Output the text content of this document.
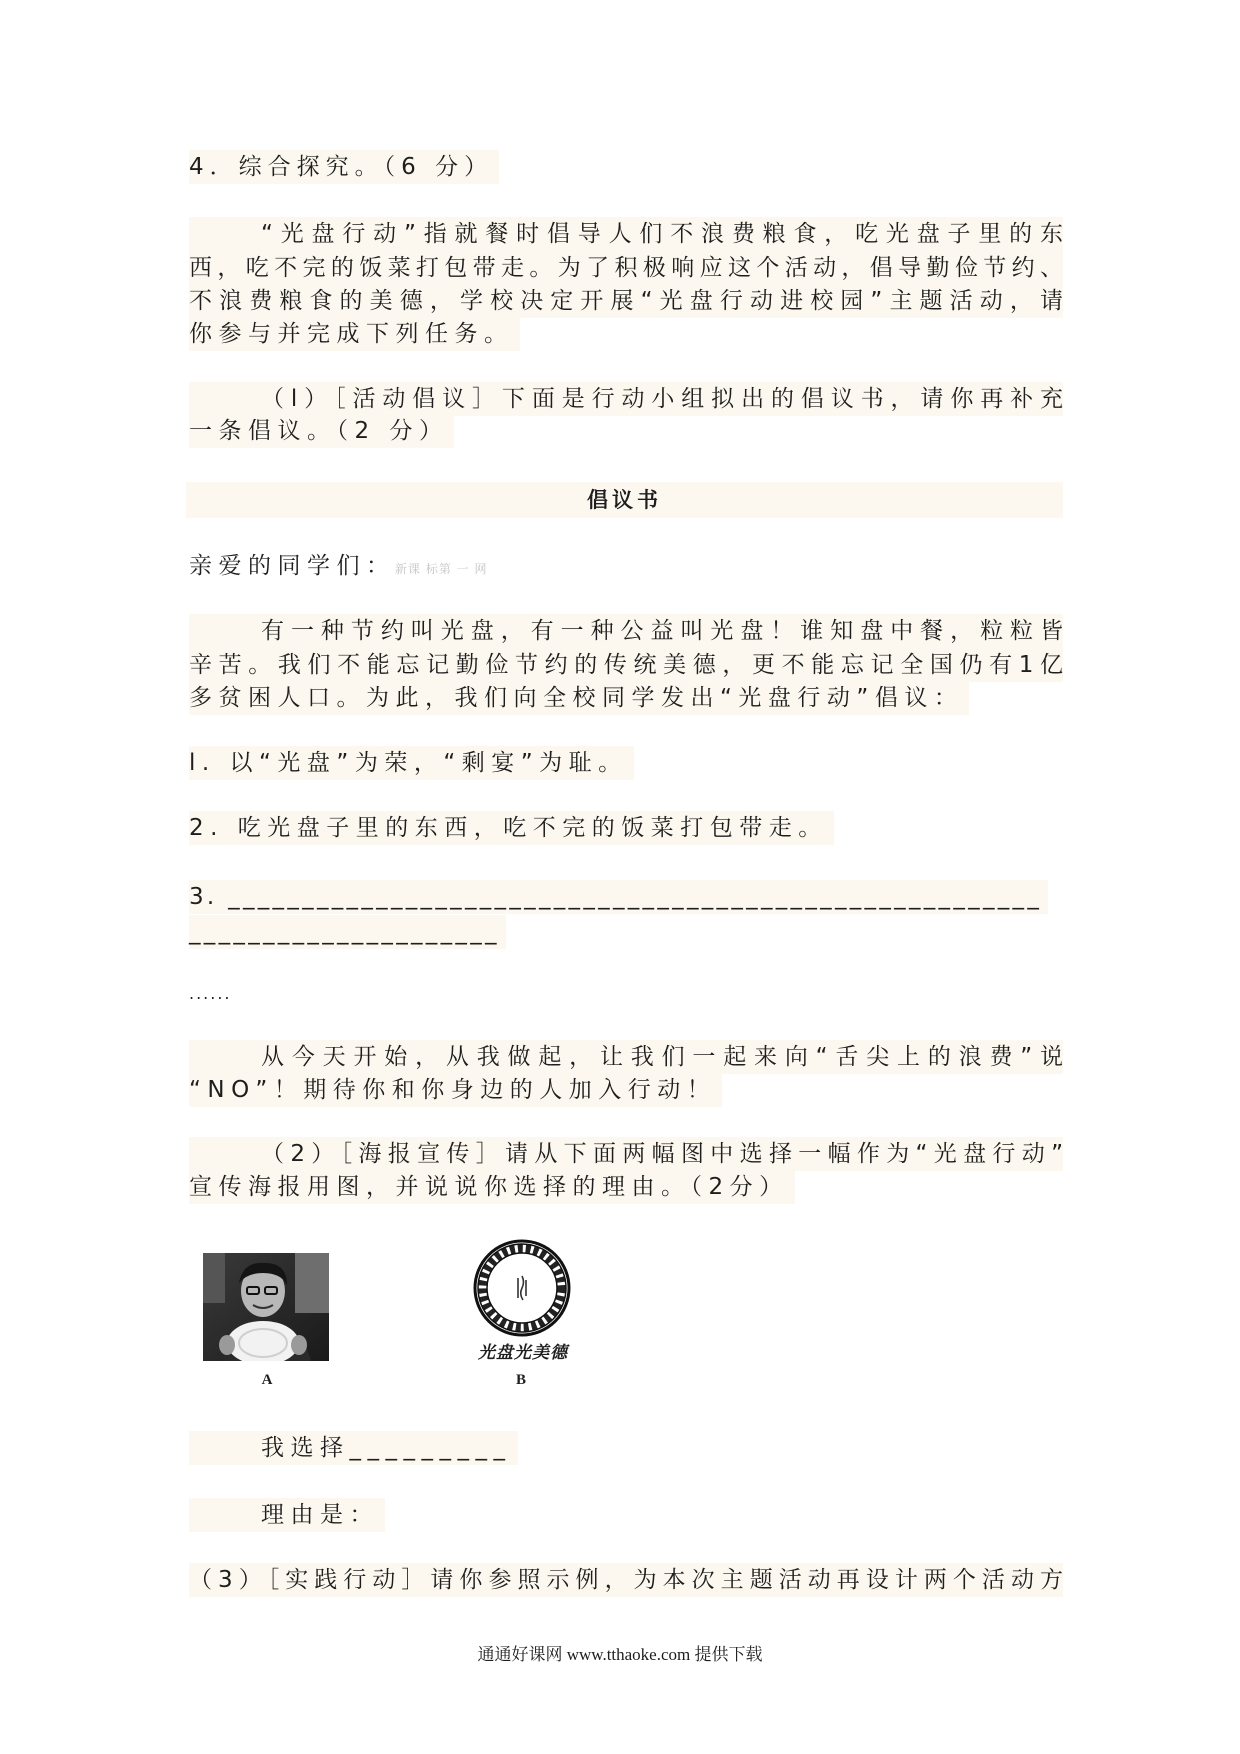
4．综合探究。（6 分）
“光盘行动”指就餐时倡导人们不浪费粮食，吃光盘子里的东
西，吃不完的饭菜打包带走。为了积极响应这个活动，倡导勤俭节约、
不浪费粮食的美德，学校决定开展“光盘行动进校园”主题活动，请
你参与并完成下列任务。
（l）［活动倡议］下面是行动小组拟出的倡议书，请你再补充
一条倡议。（2 分）
倡议书
亲爱的同学们： 新课 标第 一 网
有一种节约叫光盘，有一种公益叫光盘！谁知盘中餐，粒粒皆
辛苦。我们不能忘记勤俭节约的传统美德，更不能忘记全国仍有1亿
多贫困人口。为此，我们向全校同学发出“光盘行动”倡议：
l. 以“光盘”为荣，“剩宴”为耻。
2. 吃光盘子里的东西，吃不完的饭菜打包带走。
3. _______________________________________________________
_____________________
......
从今天开始，从我做起，让我们一起来向“舌尖上的浪费”说
“NO”！期待你和你身边的人加入行动！
（2）［海报宣传］请从下面两幅图中选择一幅作为“光盘行动”
宣传海报用图，并说说你选择的理由。（2分）
A
光盘光美德
B
我选择_________
理由是：
（3）［实践行动］请你参照示例，为本次主题活动再设计两个活动方
通通好课网 www.tthaoke.com 提供下载
